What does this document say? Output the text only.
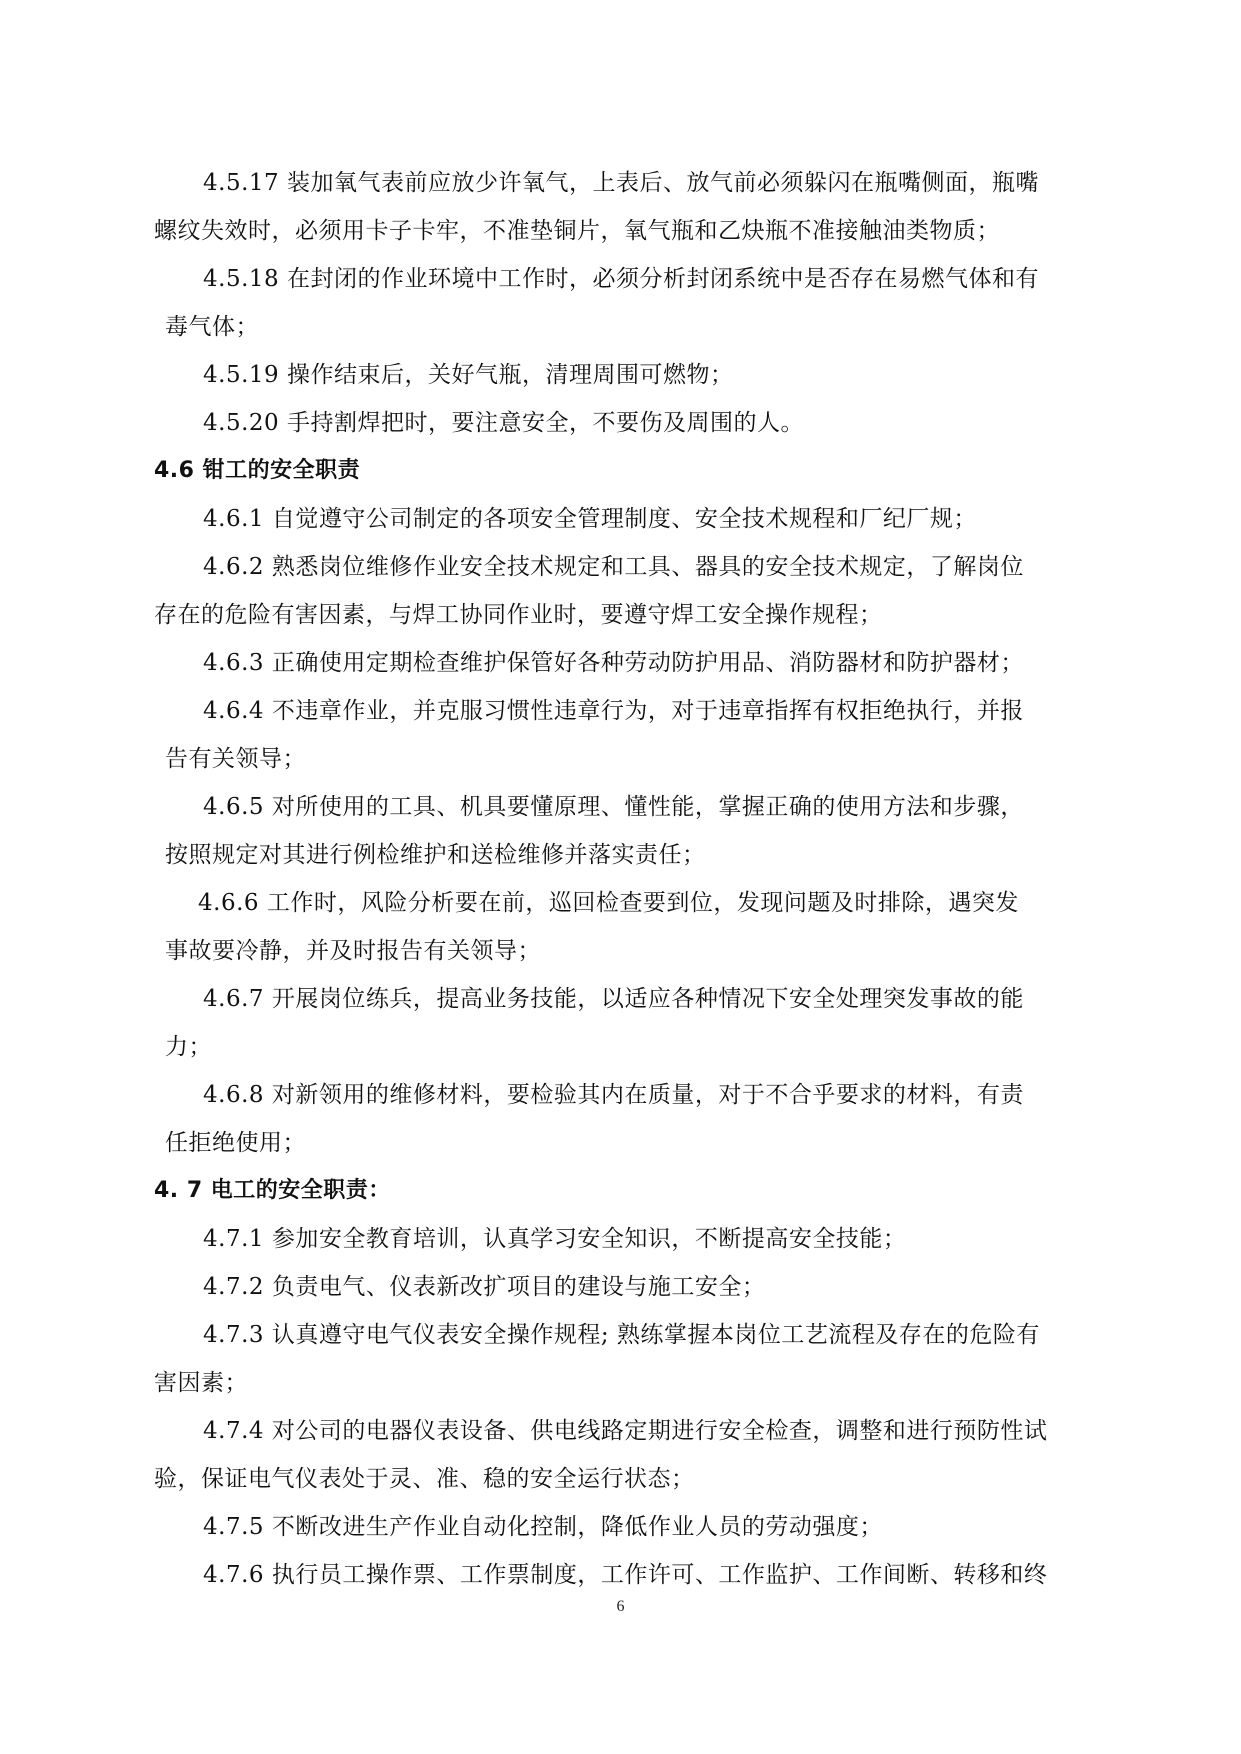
4.5.17 装加氧气表前应放少许氧气，上表后、放气前必须躲闪在瓶嘴侧面，瓶嘴
螺纹失效时，必须用卡子卡牢，不准垫铜片，氧气瓶和乙炔瓶不准接触油类物质；
4.5.18 在封闭的作业环境中工作时，必须分析封闭系统中是否存在易燃气体和有
毒气体；
4.5.19 操作结束后，关好气瓶，清理周围可燃物；
4.5.20 手持割焊把时，要注意安全，不要伤及周围的人。
4.6 钳工的安全职责
4.6.1 自觉遵守公司制定的各项安全管理制度、安全技术规程和厂纪厂规；
4.6.2 熟悉岗位维修作业安全技术规定和工具、器具的安全技术规定，了解岗位
存在的危险有害因素，与焊工协同作业时，要遵守焊工安全操作规程；
4.6.3 正确使用定期检查维护保管好各种劳动防护用品、消防器材和防护器材；
4.6.4 不违章作业，并克服习惯性违章行为，对于违章指挥有权拒绝执行，并报
告有关领导；
4.6.5 对所使用的工具、机具要懂原理、懂性能，掌握正确的使用方法和步骤，
按照规定对其进行例检维护和送检维修并落实责任；
4.6.6 工作时，风险分析要在前，巡回检查要到位，发现问题及时排除，遇突发
事故要冷静，并及时报告有关领导；
4.6.7 开展岗位练兵，提高业务技能，以适应各种情况下安全处理突发事故的能
力；
4.6.8 对新领用的维修材料，要检验其内在质量，对于不合乎要求的材料，有责
任拒绝使用；
4. 7 电工的安全职责：
4.7.1 参加安全教育培训，认真学习安全知识，不断提高安全技能；
4.7.2 负责电气、仪表新改扩项目的建设与施工安全；
4.7.3 认真遵守电气仪表安全操作规程; 熟练掌握本岗位工艺流程及存在的危险有
害因素；
4.7.4 对公司的电器仪表设备、供电线路定期进行安全检查，调整和进行预防性试
验，保证电气仪表处于灵、准、稳的安全运行状态；
4.7.5 不断改进生产作业自动化控制，降低作业人员的劳动强度；
4.7.6 执行员工操作票、工作票制度，工作许可、工作监护、工作间断、转移和终
6
